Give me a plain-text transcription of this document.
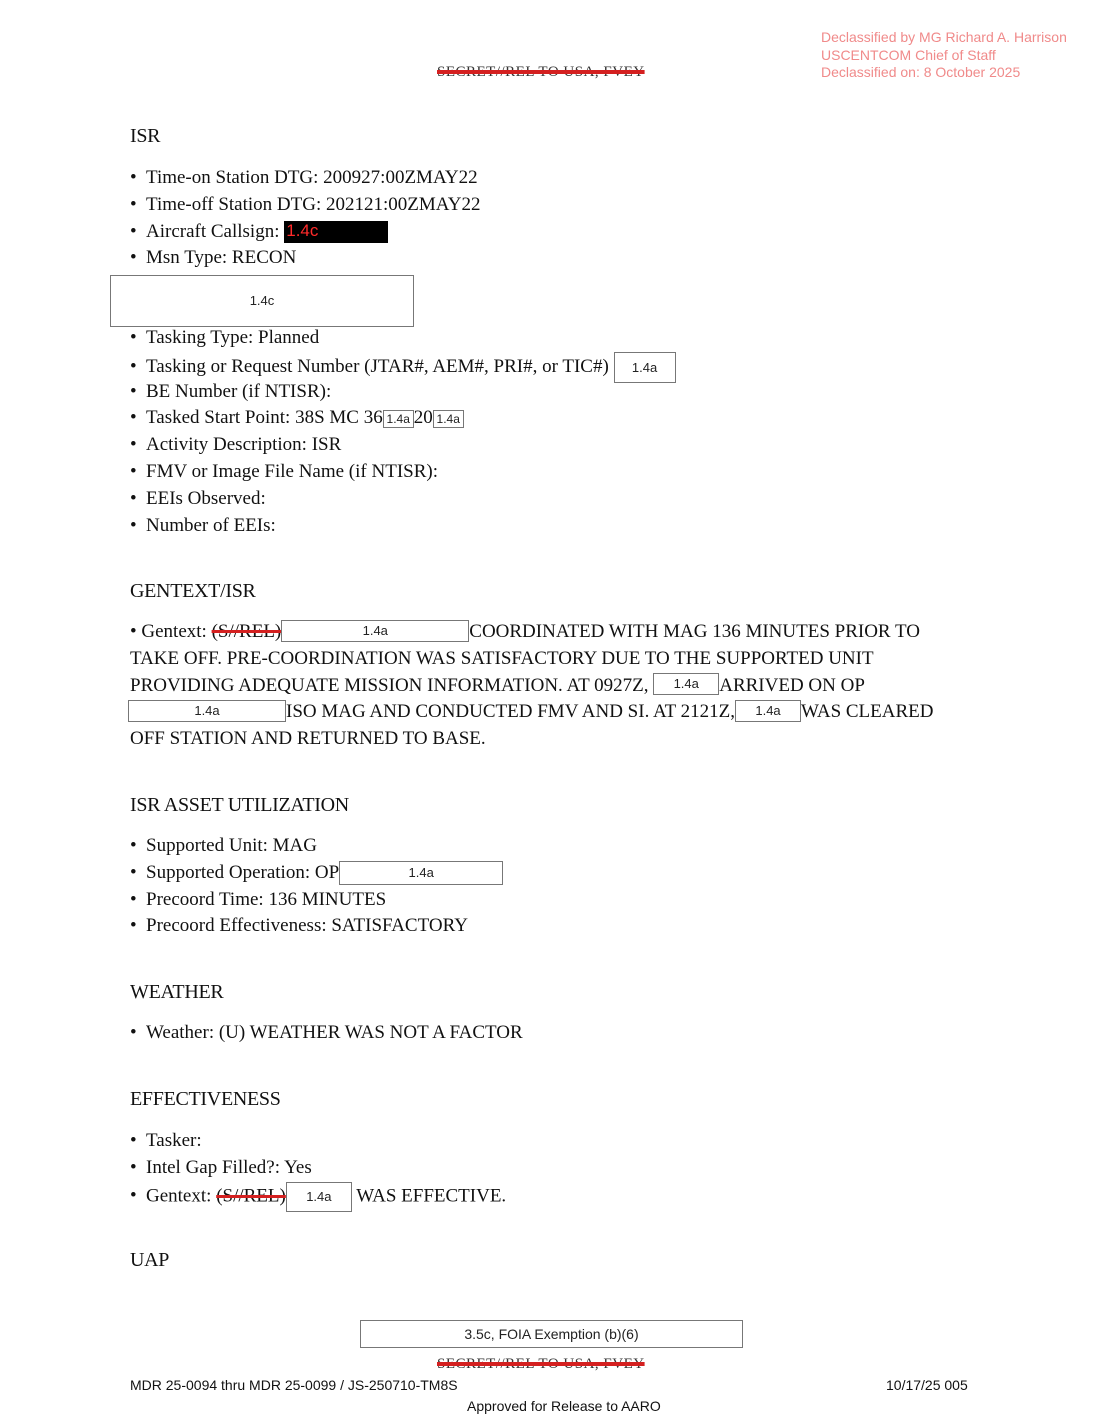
Declassified by MG Richard A. Harrison
USCENTCOM Chief of Staff
Declassified on: 8 October 2025
SECRET//REL TO USA, FVEY
ISR
• Time-on Station DTG: 200927:00ZMAY22
• Time-off Station DTG: 202121:00ZMAY22
• Aircraft Callsign: 1.4c
• Msn Type: RECON
1.4c
• Tasking Type: Planned
• Tasking or Request Number (JTAR#, AEM#, PRI#, or TIC#) 1.4a
• BE Number (if NTISR):
• Tasked Start Point: 38S MC 36 1.4a 20 1.4a
• Activity Description: ISR
• FMV or Image File Name (if NTISR):
• EEIs Observed:
• Number of EEIs:
GENTEXT/ISR
• Gentext: (S//REL)	1.4a	COORDINATED WITH MAG 136 MINUTES PRIOR TO
TAKE OFF. PRE-COORDINATION WAS SATISFACTORY DUE TO THE SUPPORTED UNIT
PROVIDING ADEQUATE MISSION INFORMATION. AT 0927Z, 1.4a ARRIVED ON OP
1.4a	ISO MAG AND CONDUCTED FMV AND SI. AT 2121Z, 1.4a WAS CLEARED
OFF STATION AND RETURNED TO BASE.
ISR ASSET UTILIZATION
• Supported Unit: MAG
• Supported Operation: OP	1.4a
• Precoord Time: 136 MINUTES
• Precoord Effectiveness: SATISFACTORY
WEATHER
• Weather: (U) WEATHER WAS NOT A FACTOR
EFFECTIVENESS
• Tasker:
• Intel Gap Filled?: Yes
• Gentext: (S//REL) 1.4a WAS EFFECTIVE.
UAP
3.5c, FOIA Exemption (b)(6)
SECRET//REL TO USA, FVEY
MDR 25-0094 thru MDR 25-0099 / JS-250710-TM8S	10/17/25 005
Approved for Release to AARO
